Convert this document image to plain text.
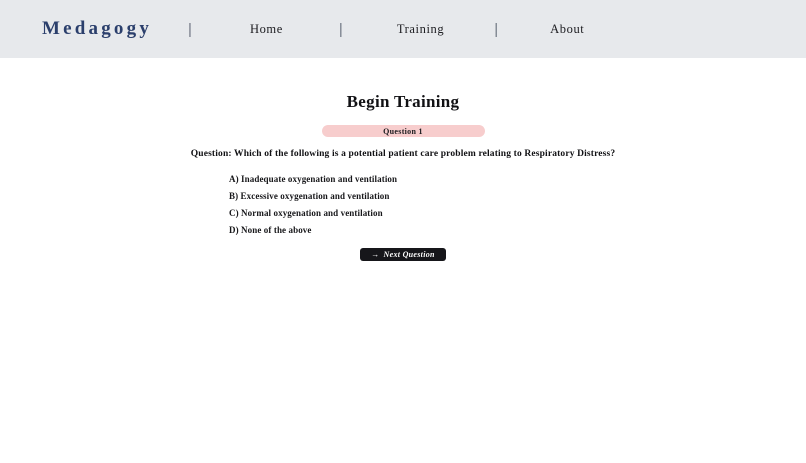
Medagogy |	Home	|	Training	|	About
Begin Training
Question 1
Question: Which of the following is a potential patient care problem relating to Respiratory Distress?
A) Inadequate oxygenation and ventilation
B) Excessive oxygenation and ventilation
C) Normal oxygenation and ventilation
D) None of the above
→ Next Question
